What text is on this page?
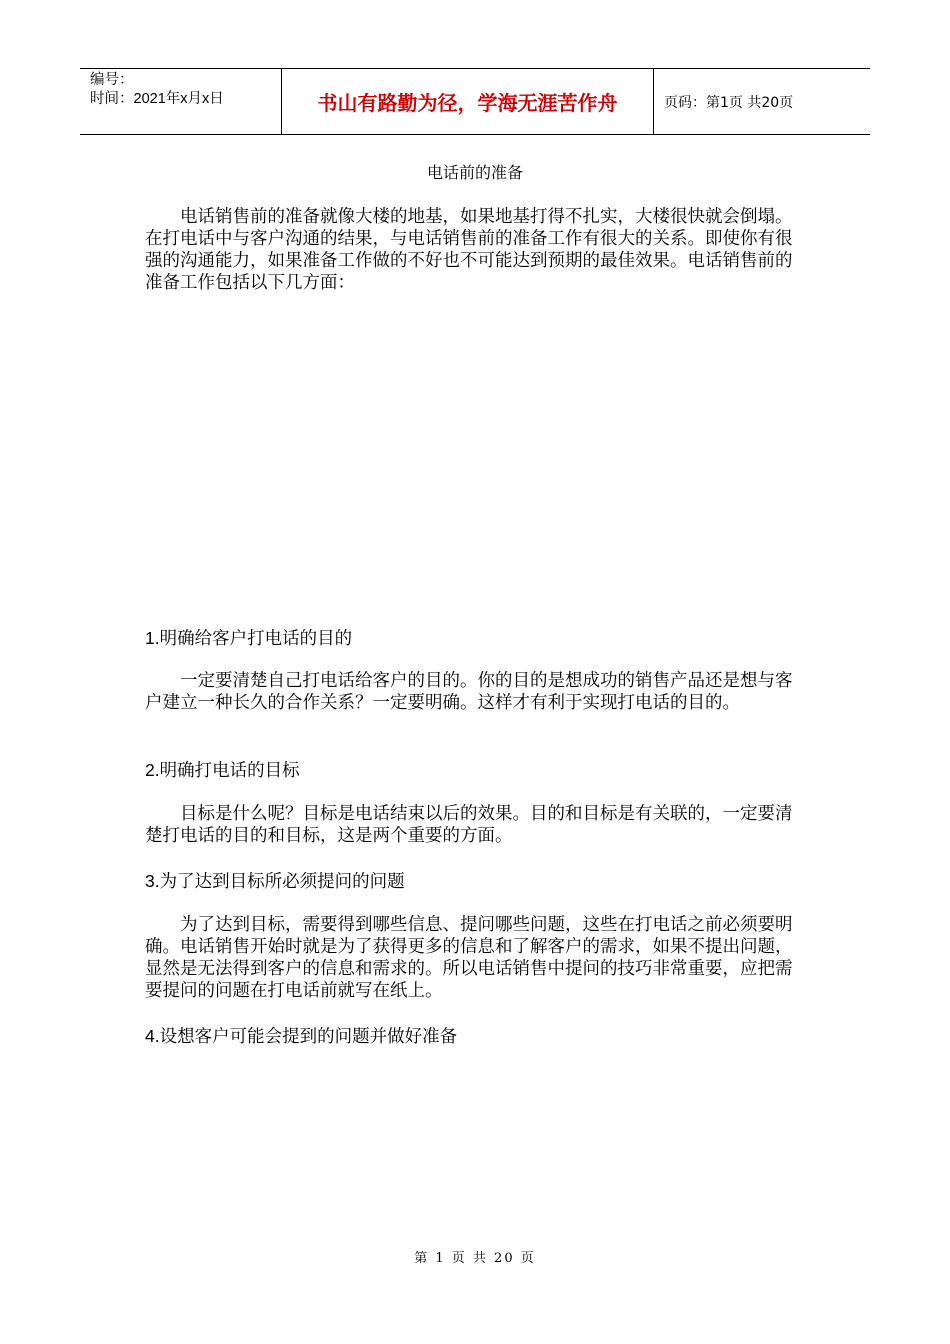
编号：
时间：2021年x月x日	书山有路勤为径，学海无涯苦作舟	页码：第1页 共20页
电话前的准备

电话销售前的准备就像大楼的地基，如果地基打得不扎实，大楼很快就会倒塌。在打电话中与客户沟通的结果，与电话销售前的准备工作有很大的关系。即使你有很强的沟通能力，如果准备工作做的不好也不可能达到预期的最佳效果。电话销售前的准备工作包括以下几方面：

1.明确给客户打电话的目的

一定要清楚自己打电话给客户的目的。你的目的是想成功的销售产品还是想与客户建立一种长久的合作关系？一定要明确。这样才有利于实现打电话的目的。

2.明确打电话的目标

目标是什么呢？目标是电话结束以后的效果。目的和目标是有关联的，一定要清楚打电话的目的和目标，这是两个重要的方面。

3.为了达到目标所必须提问的问题

为了达到目标，需要得到哪些信息、提问哪些问题，这些在打电话之前必须要明确。电话销售开始时就是为了获得更多的信息和了解客户的需求，如果不提出问题，显然是无法得到客户的信息和需求的。所以电话销售中提问的技巧非常重要，应把需要提问的问题在打电话前就写在纸上。

4.设想客户可能会提到的问题并做好准备

第 1 页 共 20 页
